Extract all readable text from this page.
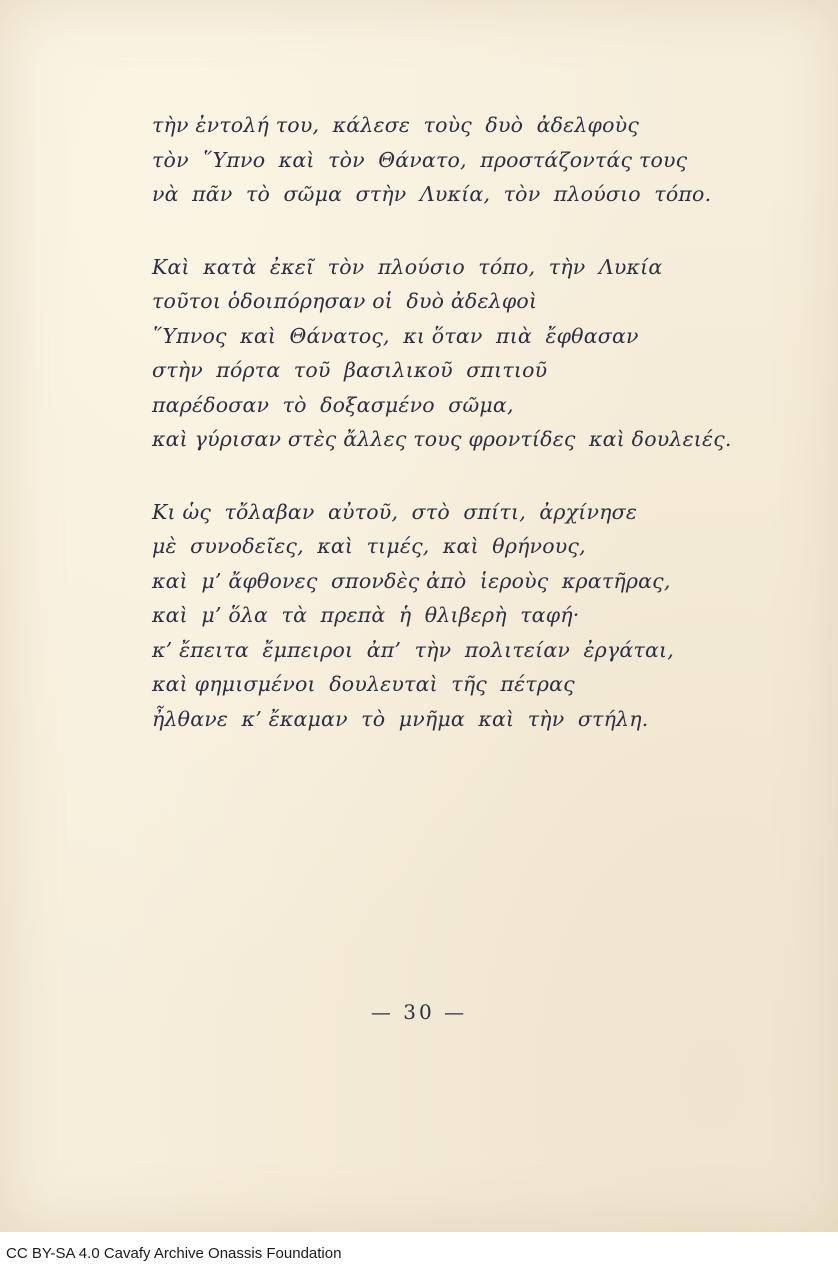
τὴν ἐντολή του,  κάλεσε  τοὺς  δυὸ  ἀδελφοὺς
τὸν  ῞Υπνο  καὶ  τὸν  Θάνατο,  προστάζοντάς τους
νὰ  πᾶν  τὸ  σῶμα  στὴν  Λυκία,  τὸν  πλούσιο  τόπο.
Καὶ  κατὰ  ἐκεῖ  τὸν  πλούσιο  τόπο,  τὴν  Λυκία
τοῦτοι ὁδοιπόρησαν οἱ  δυὸ ἀδελφοὶ
῞Υπνος  καὶ  Θάνατος,  κι ὅταν  πιὰ  ἔφθασαν
στὴν  πόρτα  τοῦ  βασιλικοῦ  σπιτιοῦ
παρέδοσαν  τὸ  δοξασμένο  σῶμα,
καὶ γύρισαν στὲς ἄλλες τους φροντίδες  καὶ δουλειές.
Κι ὡς  τὄλαβαν  αὐτοῦ,  στὸ  σπίτι,  ἀρχίνησε
μὲ  συνοδεῖες,  καὶ  τιμές,  καὶ  θρήνους,
καὶ  μ’ ἄφθονες  σπονδὲς ἀπὸ  ἱεροὺς  κρατῆρας,
καὶ  μ’ ὅλα  τὰ  πρεπὰ  ἡ  θλιβερὴ  ταφή·
κ’ ἔπειτα  ἔμπειροι  ἀπ’  τὴν  πολιτείαν  ἐργάται,
καὶ φημισμένοι  δουλευταὶ  τῆς  πέτρας
ἦλθανε  κ’ ἔκαμαν  τὸ  μνῆμα  καὶ  τὴν  στήλη.
— 30 —
CC BY-SA 4.0 Cavafy Archive Onassis Foundation
